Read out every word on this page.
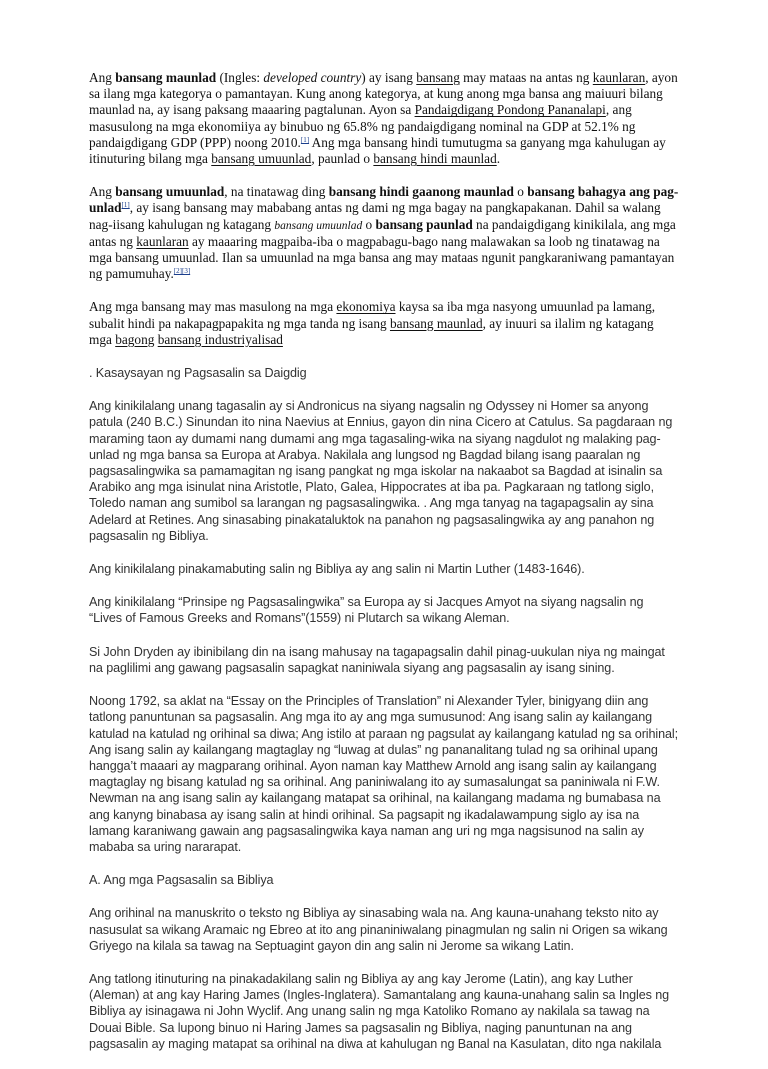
Ang bansang maunlad (Ingles: developed country) ay isang bansang may mataas na antas ng kaunlaran, ayon sa ilang mga kategorya o pamantayan. Kung anong kategorya, at kung anong mga bansa ang maiuuri bilang maunlad na, ay isang paksang maaaring pagtalunan. Ayon sa Pandaigdigang Pondong Pananalapi, ang masusulong na mga ekonomiiya ay binubuo ng 65.8% ng pandaigdigang nominal na GDP at 52.1% ng pandaigdigang GDP (PPP) noong 2010.[1] Ang mga bansang hindi tumutugma sa ganyang mga kahulugan ay itinuturing bilang mga bansang umuunlad, paunlad o bansang hindi maunlad.

Ang bansang umuunlad, na tinatawag ding bansang hindi gaanong maunlad o bansang bahagya ang pag-unlad[1], ay isang bansang may mababang antas ng dami ng mga bagay na pangkapakanan. Dahil sa walang nag-iisang kahulugan ng katagang bansang umuunlad o bansang paunlad na pandaigdigang kinikilala, ang mga antas ng kaunlaran ay maaaring magpaiba-iba o magpabagu-bago nang malawakan sa loob ng tinatawag na mga bansang umuunlad. Ilan sa umuunlad na mga bansa ang may mataas ngunit pangkaraniwang pamantayan ng pamumuhay.[2][3]

Ang mga bansang may mas masulong na mga ekonomiya kaysa sa iba mga nasyong umuunlad pa lamang, subalit hindi pa nakapagpapakita ng mga tanda ng isang bansang maunlad, ay inuuri sa ilalim ng katagang mga bagong bansang industriyalisad

. Kasaysayan ng Pagsasalin sa Daigdig

Ang kinikilalang unang tagasalin ay si Andronicus na siyang nagsalin ng Odyssey ni Homer sa anyong patula (240 B.C.) Sinundan ito nina Naevius at Ennius, gayon din nina Cicero at Catulus. Sa pagdaraan ng maraming taon ay dumami nang dumami ang mga tagasaling-wika na siyang nagdulot ng malaking pag-unlad ng mga bansa sa Europa at Arabya. Nakilala ang lungsod ng Bagdad bilang isang paaralan ng pagsasalingwika sa pamamagitan ng isang pangkat ng mga iskolar na nakaabot sa Bagdad at isinalin sa Arabiko ang mga isinulat nina Aristotle, Plato, Galea, Hippocrates at iba pa. Pagkaraan ng tatlong siglo, Toledo naman ang sumibol sa larangan ng pagsasalingwika. . Ang mga tanyag na tagapagsalin ay sina Adelard at Retines. Ang sinasabing pinakataluktok na panahon ng pagsasalingwika ay ang panahon ng pagsasalin ng Bibliya.

Ang kinikilalang pinakamabuting salin ng Bibliya ay ang salin ni Martin Luther (1483-1646).

Ang kinikilalang “Prinsipe ng Pagsasalingwika” sa Europa ay si Jacques Amyot na siyang nagsalin ng “Lives of Famous Greeks and Romans”(1559) ni Plutarch sa wikang Aleman.

Si John Dryden ay ibinibilang din na isang mahusay na tagapagsalin dahil pinag-uukulan niya ng maingat na paglilimi ang gawang pagsasalin sapagkat naniniwala siyang ang pagsasalin ay isang sining.

Noong 1792, sa aklat na “Essay on the Principles of Translation” ni Alexander Tyler, binigyang diin ang tatlong panuntunan sa pagsasalin. Ang mga ito ay ang mga sumusunod: Ang isang salin ay kailangang katulad na katulad ng orihinal sa diwa; Ang istilo at paraan ng pagsulat ay kailangang katulad ng sa orihinal; Ang isang salin ay kailangang magtaglay ng “luwag at dulas” ng pananalitang tulad ng sa orihinal upang hangga’t maaari ay magparang orihinal. Ayon naman kay Matthew Arnold ang isang salin ay kailangang magtaglay ng bisang katulad ng sa orihinal. Ang paniniwalang ito ay sumasalungat sa paniniwala ni F.W. Newman na ang isang salin ay kailangang matapat sa orihinal, na kailangang madama ng bumabasa na ang kanyng binabasa ay isang salin at hindi orihinal. Sa pagsapit ng ikadalawampung siglo ay isa na lamang karaniwang gawain ang pagsasalingwika kaya naman ang uri ng mga nagsisunod na salin ay mababa sa uring nararapat.

A. Ang mga Pagsasalin sa Bibliya

Ang orihinal na manuskrito o teksto ng Bibliya ay sinasabing wala na. Ang kauna-unahang teksto nito ay nasusulat sa wikang Aramaic ng Ebreo at ito ang pinaniniwalang pinagmulan ng salin ni Origen sa wikang Griyego na kilala sa tawag na Septuagint gayon din ang salin ni Jerome sa wikang Latin.

Ang tatlong itinuturing na pinakadakilang salin ng Bibliya ay ang kay Jerome (Latin), ang kay Luther (Aleman) at ang kay Haring James (Ingles-Inglatera). Samantalang ang kauna-unahang salin sa Ingles ng Bibliya ay isinagawa ni John Wyclif. Ang unang salin ng mga Katoliko Romano ay nakilala sa tawag na Douai Bible. Sa lupong binuo ni Haring James sa pagsasalin ng Bibliya, naging panuntunan na ang pagsasalin ay maging matapat sa orihinal na diwa at kahulugan ng Banal na Kasulatan, dito nga nakilala
